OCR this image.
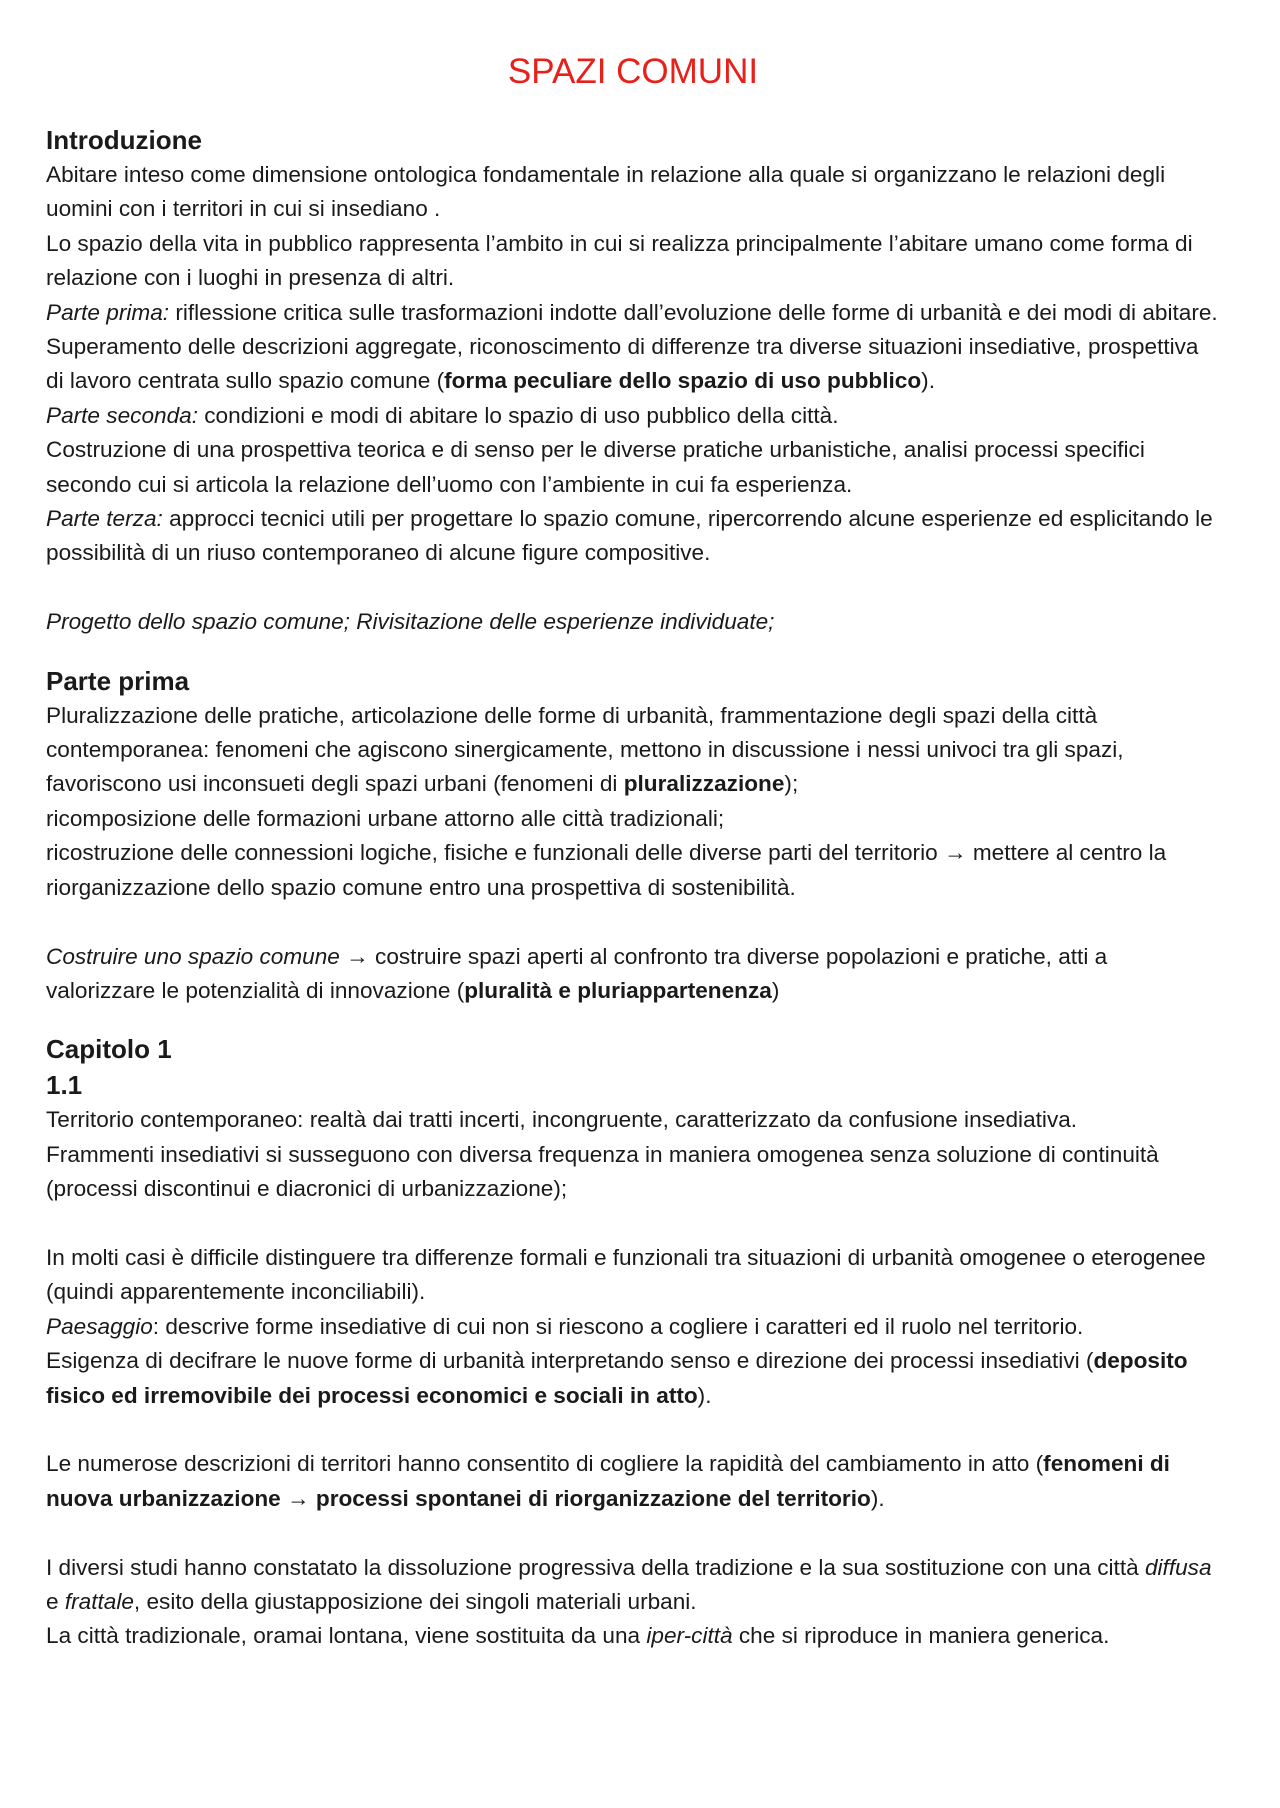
SPAZI COMUNI
Introduzione

Abitare inteso come dimensione ontologica fondamentale in relazione alla quale si organizzano le relazioni degli uomini con i territori in cui si insediano .

Lo spazio della vita in pubblico rappresenta l’ambito in cui si realizza principalmente l’abitare umano come forma di relazione con i luoghi in presenza di altri.

Parte prima: riflessione critica sulle trasformazioni indotte dall’evoluzione delle forme di urbanità e dei modi di abitare.

Superamento delle descrizioni aggregate, riconoscimento di differenze tra diverse situazioni insediative, prospettiva di lavoro centrata sullo spazio comune (forma peculiare dello spazio di uso pubblico).

Parte seconda: condizioni e modi di abitare lo spazio di uso pubblico della città.

Costruzione di una prospettiva teorica e di senso per le diverse pratiche urbanistiche, analisi processi specifici secondo cui si articola la relazione dell’uomo con l’ambiente in cui fa esperienza.

Parte terza: approcci tecnici utili per progettare lo spazio comune, ripercorrendo alcune esperienze ed esplicitando le possibilità di un riuso contemporaneo di alcune figure compositive.

Progetto dello spazio comune; Rivisitazione delle esperienze individuate;

Parte prima

Pluralizzazione delle pratiche, articolazione delle forme di urbanità, frammentazione degli spazi della città contemporanea: fenomeni che agiscono sinergicamente, mettono in discussione i nessi univoci tra gli spazi, favoriscono usi inconsueti degli spazi urbani (fenomeni di pluralizzazione);

ricomposizione delle formazioni urbane attorno alle città tradizionali;

ricostruzione delle connessioni logiche, fisiche e funzionali delle diverse parti del territorio → mettere al centro la riorganizzazione dello spazio comune entro una prospettiva di sostenibilità.

Costruire uno spazio comune → costruire spazi aperti al confronto tra diverse popolazioni e pratiche, atti a valorizzare le potenzialità di innovazione (pluralità e pluriappartenenza)

Capitolo 1
1.1

Territorio contemporaneo: realtà dai tratti incerti, incongruente, caratterizzato da confusione insediativa.

Frammenti insediativi si susseguono con diversa frequenza in maniera omogenea senza soluzione di continuità (processi discontinui e diacronici di urbanizzazione);

In molti casi è difficile distinguere tra differenze formali e funzionali tra situazioni di urbanità omogenee o eterogenee (quindi apparentemente inconciliabili).

Paesaggio: descrive forme insediative di cui non si riescono a cogliere i caratteri ed il ruolo nel territorio.

Esigenza di decifrare le nuove forme di urbanità interpretando senso e direzione dei processi insediativi (deposito fisico ed irremovibile dei processi economici e sociali in atto).

Le numerose descrizioni di territori hanno consentito di cogliere la rapidità del cambiamento in atto (fenomeni di nuova urbanizzazione → processi spontanei di riorganizzazione del territorio).

I diversi studi hanno constatato la dissoluzione progressiva della tradizione e la sua sostituzione con una città diffusa e frattale, esito della giustapposizione dei singoli materiali urbani.

La città tradizionale, oramai lontana, viene sostituita da una iper-città che si riproduce in maniera generica.
